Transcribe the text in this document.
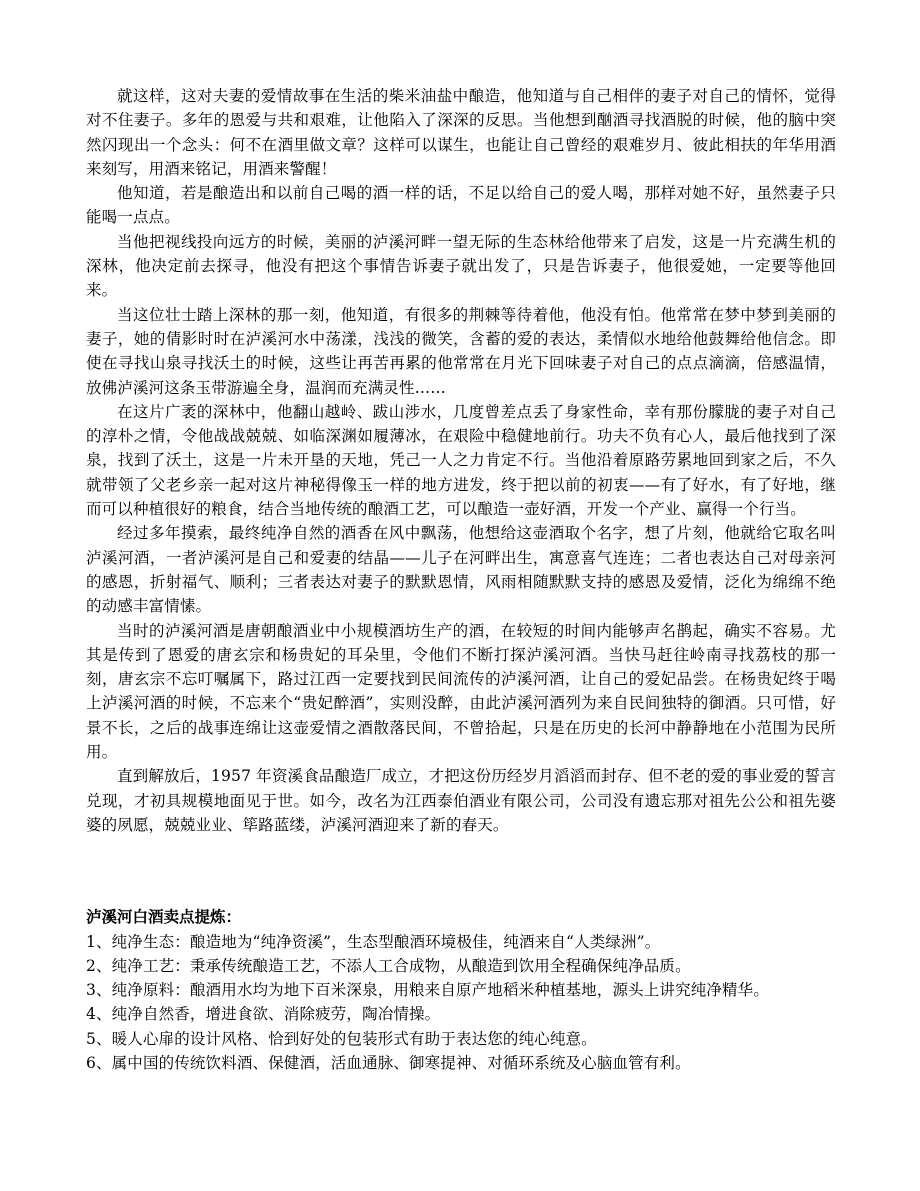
就这样，这对夫妻的爱情故事在生活的柴米油盐中酿造，他知道与自己相伴的妻子对自己的情怀，觉得对不住妻子。多年的恩爱与共和艰难，让他陷入了深深的反思。当他想到酗酒寻找酒脱的时候，他的脑中突然闪现出一个念头：何不在酒里做文章？这样可以谋生，也能让自己曾经的艰难岁月、彼此相扶的年华用酒来刻写，用酒来铭记，用酒来警醒！

他知道，若是酿造出和以前自己喝的酒一样的话，不足以给自己的爱人喝，那样对她不好，虽然妻子只能喝一点点。

当他把视线投向远方的时候，美丽的泸溪河畔一望无际的生态林给他带来了启发，这是一片充满生机的深林，他决定前去探寻，他没有把这个事情告诉妻子就出发了，只是告诉妻子，他很爱她，一定要等他回来。

当这位壮士踏上深林的那一刻，他知道，有很多的荆棘等待着他，他没有怕。他常常在梦中梦到美丽的妻子，她的倩影时时在泸溪河水中荡漾，浅浅的微笑，含蓄的爱的表达，柔情似水地给他鼓舞给他信念。即使在寻找山泉寻找沃土的时候，这些让再苦再累的他常常在月光下回味妻子对自己的点点滴滴，倍感温情，放佛泸溪河这条玉带游遍全身，温润而充满灵性……

在这片广袤的深林中，他翻山越岭、跋山涉水，几度曾差点丢了身家性命，幸有那份朦胧的妻子对自己的淳朴之情，令他战战兢兢、如临深渊如履薄冰，在艰险中稳健地前行。功夫不负有心人，最后他找到了深泉，找到了沃土，这是一片未开垦的天地，凭己一人之力肯定不行。当他沿着原路劳累地回到家之后，不久就带领了父老乡亲一起对这片神秘得像玉一样的地方进发，终于把以前的初衷——有了好水，有了好地，继而可以种植很好的粮食，结合当地传统的酿酒工艺，可以酿造一壶好酒，开发一个产业、赢得一个行当。

经过多年摸索，最终纯净自然的酒香在风中飘荡，他想给这壶酒取个名字，想了片刻，他就给它取名叫泸溪河酒，一者泸溪河是自己和爱妻的结晶——儿子在河畔出生，寓意喜气连连；二者也表达自己对母亲河的感恩，折射福气、顺利；三者表达对妻子的默默恩情，风雨相随默默支持的感恩及爱情，泛化为绵绵不绝的动感丰富情愫。

当时的泸溪河酒是唐朝酿酒业中小规模酒坊生产的酒，在较短的时间内能够声名鹊起，确实不容易。尤其是传到了恩爱的唐玄宗和杨贵妃的耳朵里，令他们不断打探泸溪河酒。当快马赶往岭南寻找荔枝的那一刻，唐玄宗不忘叮嘱属下，路过江西一定要找到民间流传的泸溪河酒，让自己的爱妃品尝。在杨贵妃终于喝上泸溪河酒的时候，不忘来个“贵妃醉酒”，实则没醉，由此泸溪河酒列为来自民间独特的御酒。只可惜，好景不长，之后的战事连绵让这壶爱情之酒散落民间，不曾拾起，只是在历史的长河中静静地在小范围为民所用。

直到解放后，1957 年资溪食品酿造厂成立，才把这份历经岁月滔滔而封存、但不老的爱的事业爱的誓言兑现，才初具规模地面见于世。如今，改名为江西泰伯酒业有限公司，公司没有遗忘那对祖先公公和祖先婆婆的夙愿，兢兢业业、筚路蓝缕，泸溪河酒迎来了新的春天。

泸溪河白酒卖点提炼：

1、纯净生态：酿造地为“纯净资溪”，生态型酿酒环境极佳，纯酒来自“人类绿洲”。
2、纯净工艺：秉承传统酿造工艺，不添人工合成物，从酿造到饮用全程确保纯净品质。
3、纯净原料：酿酒用水均为地下百米深泉，用粮来自原产地稻米种植基地，源头上讲究纯净精华。
4、纯净自然香，增进食欲、消除疲劳，陶冶情操。
5、暖人心扉的设计风格、恰到好处的包装形式有助于表达您的纯心纯意。
6、属中国的传统饮料酒、保健酒，活血通脉、御寒提神、对循环系统及心脑血管有利。
